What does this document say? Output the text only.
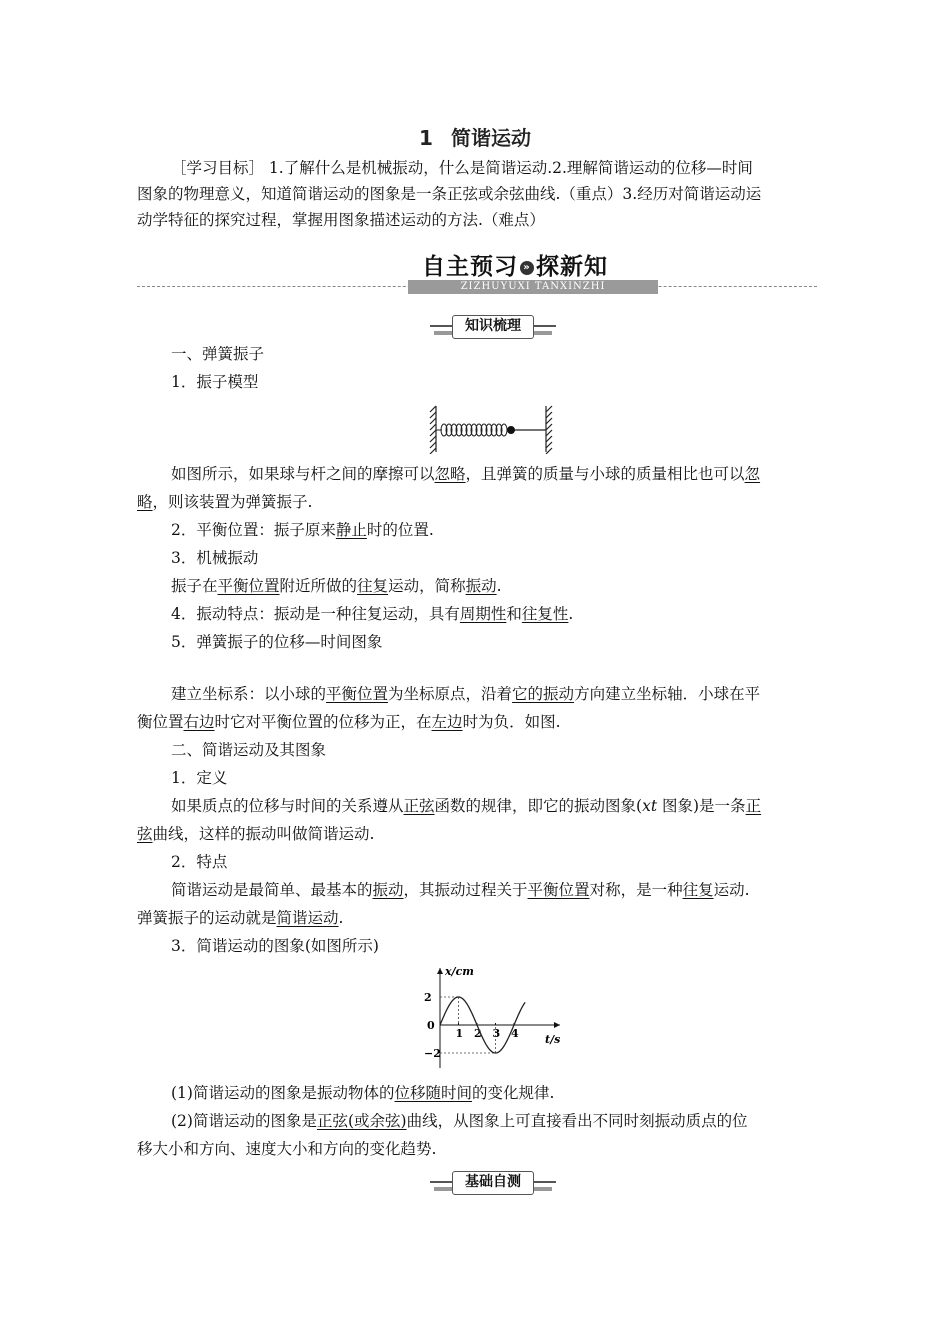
1 简谐运动
［学习目标］ 1.了解什么是机械振动，什么是简谐运动.2.理解简谐运动的位移—时间
图象的物理意义，知道简谐运动的图象是一条正弦或余弦曲线.（重点）3.经历对简谐运动运
动学特征的探究过程，掌握用图象描述运动的方法.（难点）
自主预习 » 探新知
ZIZHUYUXI TANXINZHI
知识梳理
一、弹簧振子
1．振子模型
如图所示，如果球与杆之间的摩擦可以忽略，且弹簧的质量与小球的质量相比也可以忽
略，则该装置为弹簧振子.
2．平衡位置：振子原来静止时的位置.
3．机械振动
振子在平衡位置附近所做的往复运动，简称振动.
4．振动特点：振动是一种往复运动，具有周期性和往复性.
5．弹簧振子的位移—时间图象
建立坐标系：以小球的平衡位置为坐标原点，沿着它的振动方向建立坐标轴．小球在平
衡位置右边时它对平衡位置的位移为正，在左边时为负．如图.
二、简谐运动及其图象
1．定义
如果质点的位移与时间的关系遵从正弦函数的规律，即它的振动图象(xt 图象)是一条正
弦曲线，这样的振动叫做简谐运动.
2．特点
简谐运动是最简单、最基本的振动，其振动过程关于平衡位置对称，是一种往复运动.
弹簧振子的运动就是简谐运动.
3．简谐运动的图象(如图所示)
x/cm
t/s
0
2
−2
1 2 3 4
(1)简谐运动的图象是振动物体的位移随时间的变化规律.
(2)简谐运动的图象是正弦(或余弦)曲线，从图象上可直接看出不同时刻振动质点的位
移大小和方向、速度大小和方向的变化趋势.
基础自测
